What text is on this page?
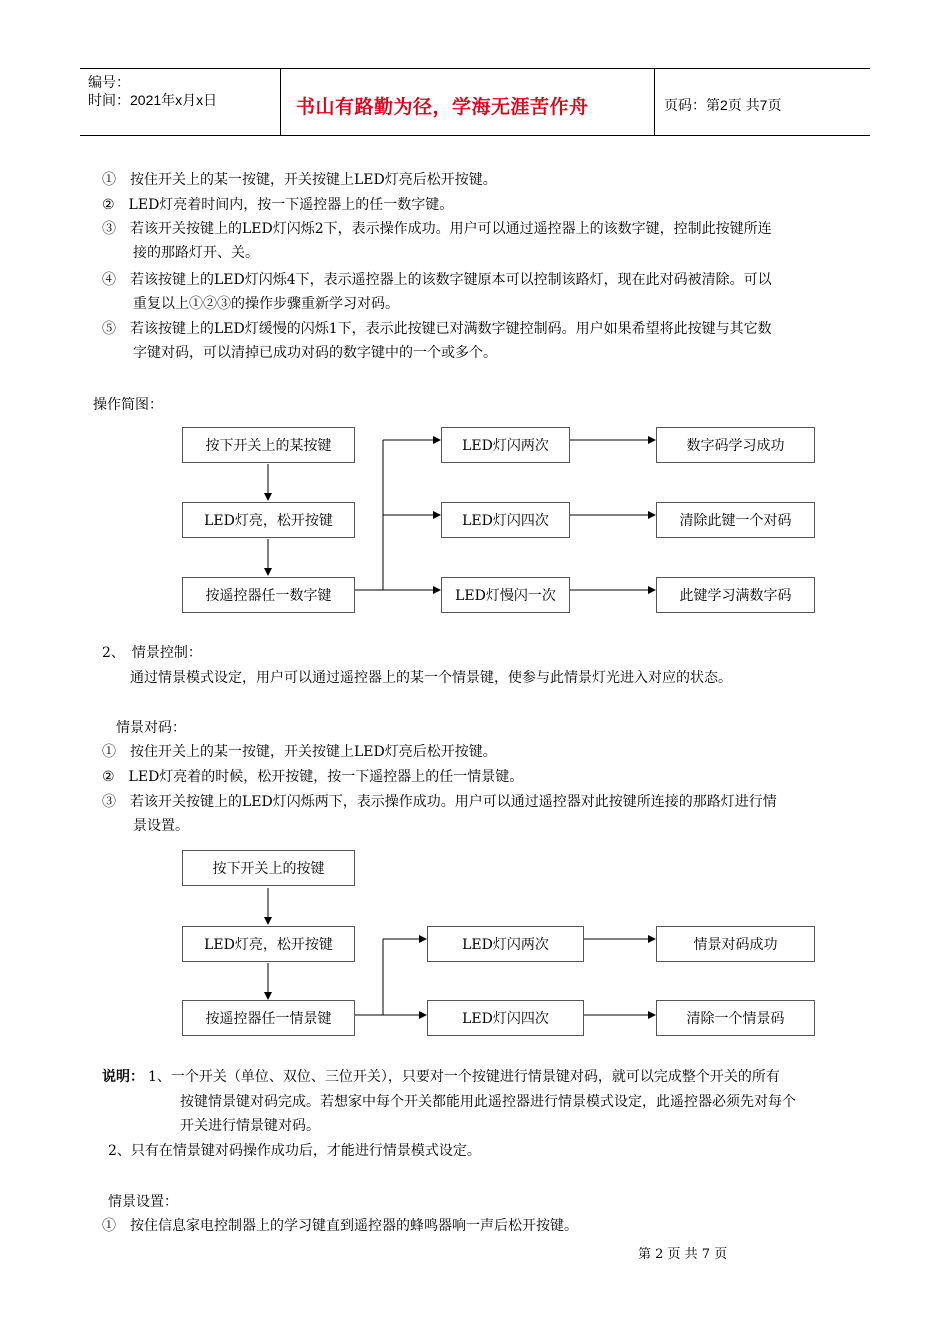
编号：
时间：2021年x月x日	书山有路勤为径，学海无涯苦作舟	页码：第2页 共7页
①　按住开关上的某一按键，开关按键上LED灯亮后松开按键。
②　LED灯亮着时间内，按一下遥控器上的任一数字键。
③　若该开关按键上的LED灯闪烁2下，表示操作成功。用户可以通过遥控器上的该数字键，控制此按键所连
接的那路灯开、关。
④　若该按键上的LED灯闪烁4下，表示遥控器上的该数字键原本可以控制该路灯，现在此对码被清除。可以
重复以上①②③的操作步骤重新学习对码。
⑤　若该按键上的LED灯缓慢的闪烁1下，表示此按键已对满数字键控制码。用户如果希望将此按键与其它数
字键对码，可以清掉已成功对码的数字键中的一个或多个。
操作简图：
按下开关上的某按键
LED灯亮，松开按键
按遥控器任一数字键
LED灯闪两次
LED灯闪四次
LED灯慢闪一次
数字码学习成功
清除此键一个对码
此键学习满数字码
2、　情景控制：
通过情景模式设定，用户可以通过遥控器上的某一个情景键，使参与此情景灯光进入对应的状态。
情景对码：
①　按住开关上的某一按键，开关按键上LED灯亮后松开按键。
②　LED灯亮着的时候，松开按键，按一下遥控器上的任一情景键。
③　若该开关按键上的LED灯闪烁两下，表示操作成功。用户可以通过遥控器对此按键所连接的那路灯进行情
景设置。
按下开关上的按键
LED灯亮，松开按键
按遥控器任一情景键
LED灯闪两次
LED灯闪四次
情景对码成功
清除一个情景码
说明： 1、一个开关（单位、双位、三位开关），只要对一个按键进行情景键对码，就可以完成整个开关的所有
按键情景键对码完成。若想家中每个开关都能用此遥控器进行情景模式设定，此遥控器必须先对每个
开关进行情景键对码。
2、只有在情景键对码操作成功后，才能进行情景模式设定。
情景设置：
①　按住信息家电控制器上的学习键直到遥控器的蜂鸣器响一声后松开按键。
第 2 页 共 7 页
